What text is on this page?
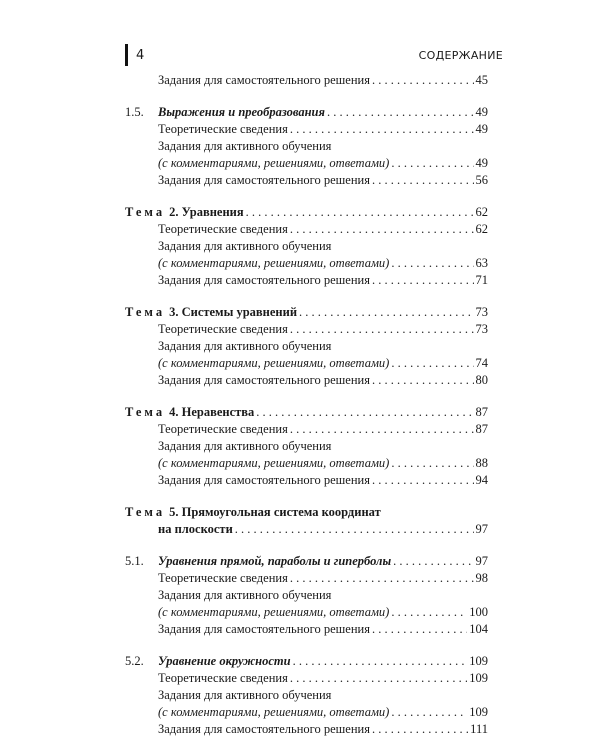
4	СОДЕРЖАНИЕ
Задания для самостоятельного решения . . .	45
1.5.	Выражения и преобразования . . .	49
Теоретические сведения . . .	49
Задания для активного обучения
(с комментариями, решениями, ответами) . . .	49
Задания для самостоятельного решения . . .	56
Тема 2. Уравнения . . .	62
Теоретические сведения . . .	62
Задания для активного обучения
(с комментариями, решениями, ответами) . . .	63
Задания для самостоятельного решения . . .	71
Тема 3. Системы уравнений . . .	73
Теоретические сведения . . .	73
Задания для активного обучения
(с комментариями, решениями, ответами) . . .	74
Задания для самостоятельного решения . . .	80
Тема 4. Неравенства . . .	87
Теоретические сведения . . .	87
Задания для активного обучения
(с комментариями, решениями, ответами) . . .	88
Задания для самостоятельного решения . . .	94
Тема 5. Прямоугольная система координат
на плоскости . . .	97
5.1.	Уравнения прямой, параболы и гиперболы . . .	97
Теоретические сведения . . .	98
Задания для активного обучения
(с комментариями, решениями, ответами) . . .	100
Задания для самостоятельного решения . . .	104
5.2.	Уравнение окружности . . .	109
Теоретические сведения . . .	109
Задания для активного обучения
(с комментариями, решениями, ответами) . . .	109
Задания для самостоятельного решения . . .	111
